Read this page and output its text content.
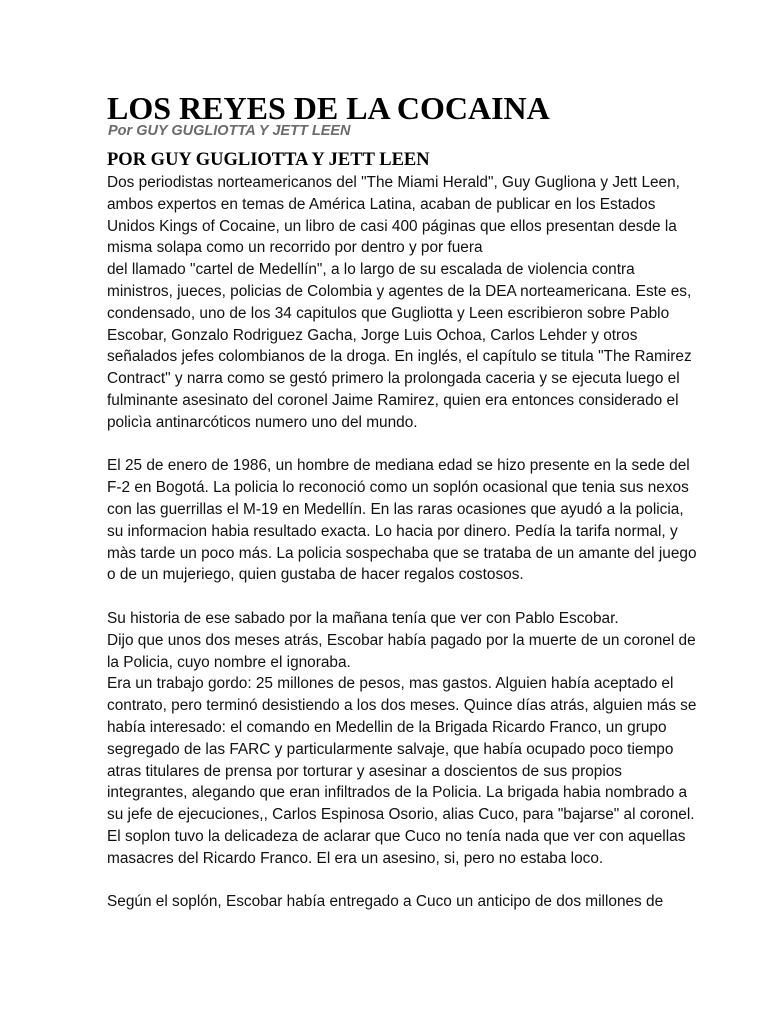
LOS REYES DE LA COCAINA
Por GUY GUGLIOTTA Y JETT LEEN
POR GUY GUGLIOTTA Y JETT LEEN
Dos periodistas norteamericanos del "The Miami Herald", Guy Gugliona y Jett Leen,
ambos expertos en temas de América Latina, acaban de publicar en los Estados
Unidos Kings of Cocaine, un libro de casi 400 páginas que ellos presentan desde la
misma solapa como un recorrido por dentro y por fuera
del llamado "cartel de Medellín", a lo largo de su escalada de violencia contra
ministros, jueces, policias de Colombia y agentes de la DEA norteamericana. Este es,
condensado, uno de los 34 capitulos que Gugliotta y Leen escribieron sobre Pablo
Escobar, Gonzalo Rodriguez Gacha, Jorge Luis Ochoa, Carlos Lehder y otros
señalados jefes colombianos de la droga. En inglés, el capítulo se titula "The Ramirez
Contract" y narra como se gestó primero la prolongada caceria y se ejecuta luego el
fulminante asesinato del coronel Jaime Ramirez, quien era entonces considerado el
policìa antinarcóticos numero uno del mundo.
El 25 de enero de 1986, un hombre de mediana edad se hizo presente en la sede del
F-2 en Bogotá. La policia lo reconoció como un soplón ocasional que tenia sus nexos
con las guerrillas el M-19 en Medellín. En las raras ocasiones que ayudó a la policia,
su informacion habia resultado exacta. Lo hacia por dinero. Pedía la tarifa normal, y
màs tarde un poco más. La policia sospechaba que se trataba de un amante del juego
o de un mujeriego, quien gustaba de hacer regalos costosos.
Su historia de ese sabado por la mañana tenía que ver con Pablo Escobar.
Dijo que unos dos meses atrás, Escobar había pagado por la muerte de un coronel de
la Policia, cuyo nombre el ignoraba.
Era un trabajo gordo: 25 millones de pesos, mas gastos. Alguien había aceptado el
contrato, pero terminó desistiendo a los dos meses. Quince días atrás, alguien más se
había interesado: el comando en Medellin de la Brigada Ricardo Franco, un grupo
segregado de las FARC y particularmente salvaje, que había ocupado poco tiempo
atras titulares de prensa por torturar y asesinar a doscientos de sus propios
integrantes, alegando que eran infiltrados de la Policia. La brigada habia nombrado a
su jefe de ejecuciones,, Carlos Espinosa Osorio, alias Cuco, para "bajarse" al coronel.
El soplon tuvo la delicadeza de aclarar que Cuco no tenía nada que ver con aquellas
masacres del Ricardo Franco. El era un asesino, si, pero no estaba loco.
Según el soplón, Escobar había entregado a Cuco un anticipo de dos millones de
